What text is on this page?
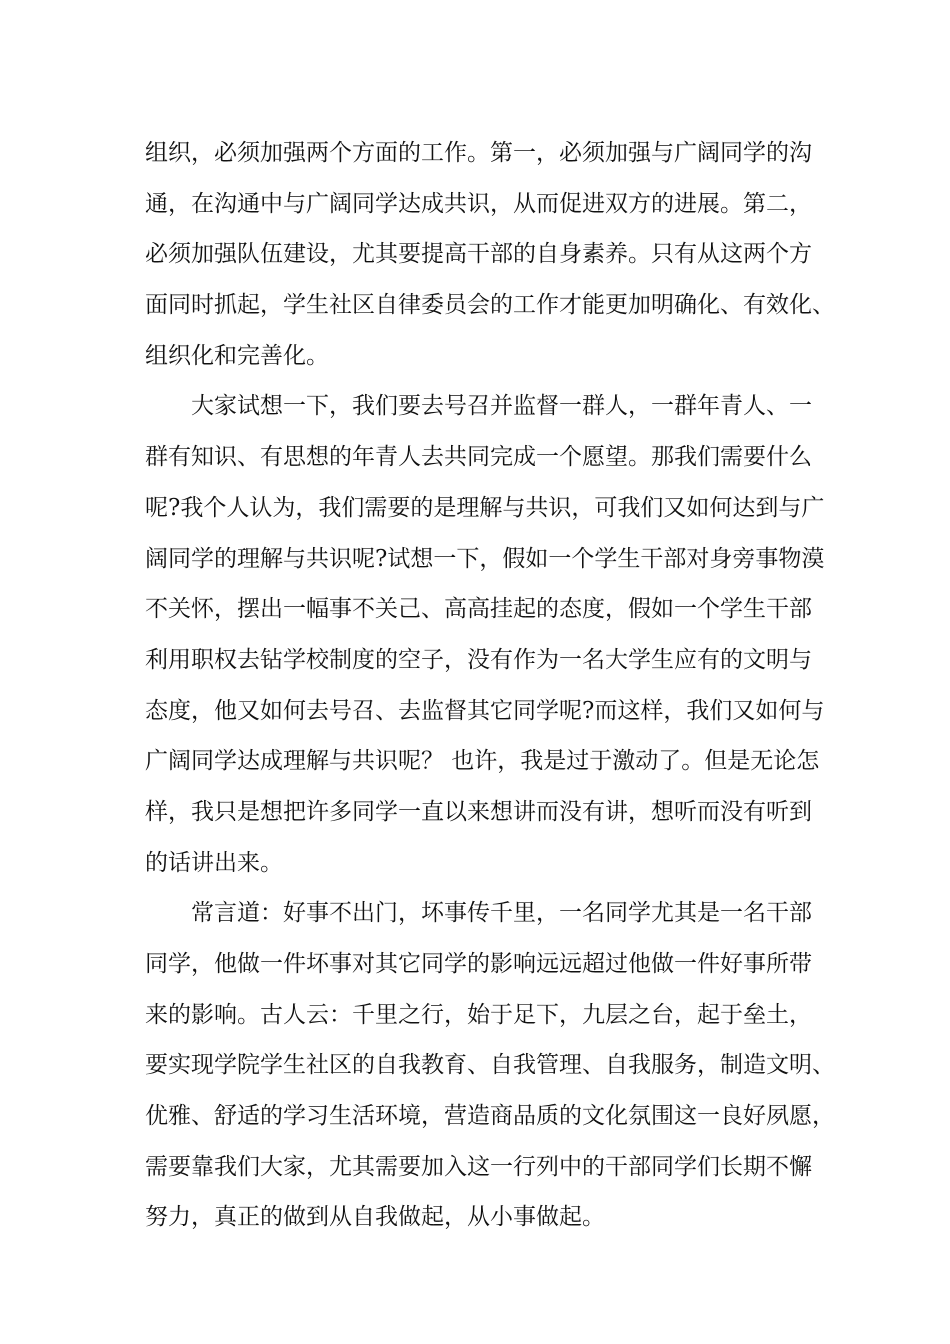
组织，必须加强两个方面的工作。第一，必须加强与广阔同学的沟
通，在沟通中与广阔同学达成共识，从而促进双方的进展。第二，
必须加强队伍建设，尤其要提高干部的自身素养。只有从这两个方
面同时抓起，学生社区自律委员会的工作才能更加明确化、有效化、
组织化和完善化。
大家试想一下，我们要去号召并监督一群人，一群年青人、一
群有知识、有思想的年青人去共同完成一个愿望。那我们需要什么
呢?我个人认为，我们需要的是理解与共识，可我们又如何达到与广
阔同学的理解与共识呢?试想一下，假如一个学生干部对身旁事物漠
不关怀，摆出一幅事不关己、高高挂起的态度，假如一个学生干部
利用职权去钻学校制度的空子，没有作为一名大学生应有的文明与
态度，他又如何去号召、去监督其它同学呢?而这样，我们又如何与
广阔同学达成理解与共识呢？ 也许，我是过于激动了。但是无论怎
样，我只是想把许多同学一直以来想讲而没有讲，想听而没有听到
的话讲出来。
常言道：好事不出门，坏事传千里，一名同学尤其是一名干部
同学，他做一件坏事对其它同学的影响远远超过他做一件好事所带
来的影响。古人云：千里之行，始于足下，九层之台，起于垒土，
要实现学院学生社区的自我教育、自我管理、自我服务，制造文明、
优雅、舒适的学习生活环境，营造商品质的文化氛围这一良好夙愿，
需要靠我们大家，尤其需要加入这一行列中的干部同学们长期不懈
努力，真正的做到从自我做起，从小事做起。
